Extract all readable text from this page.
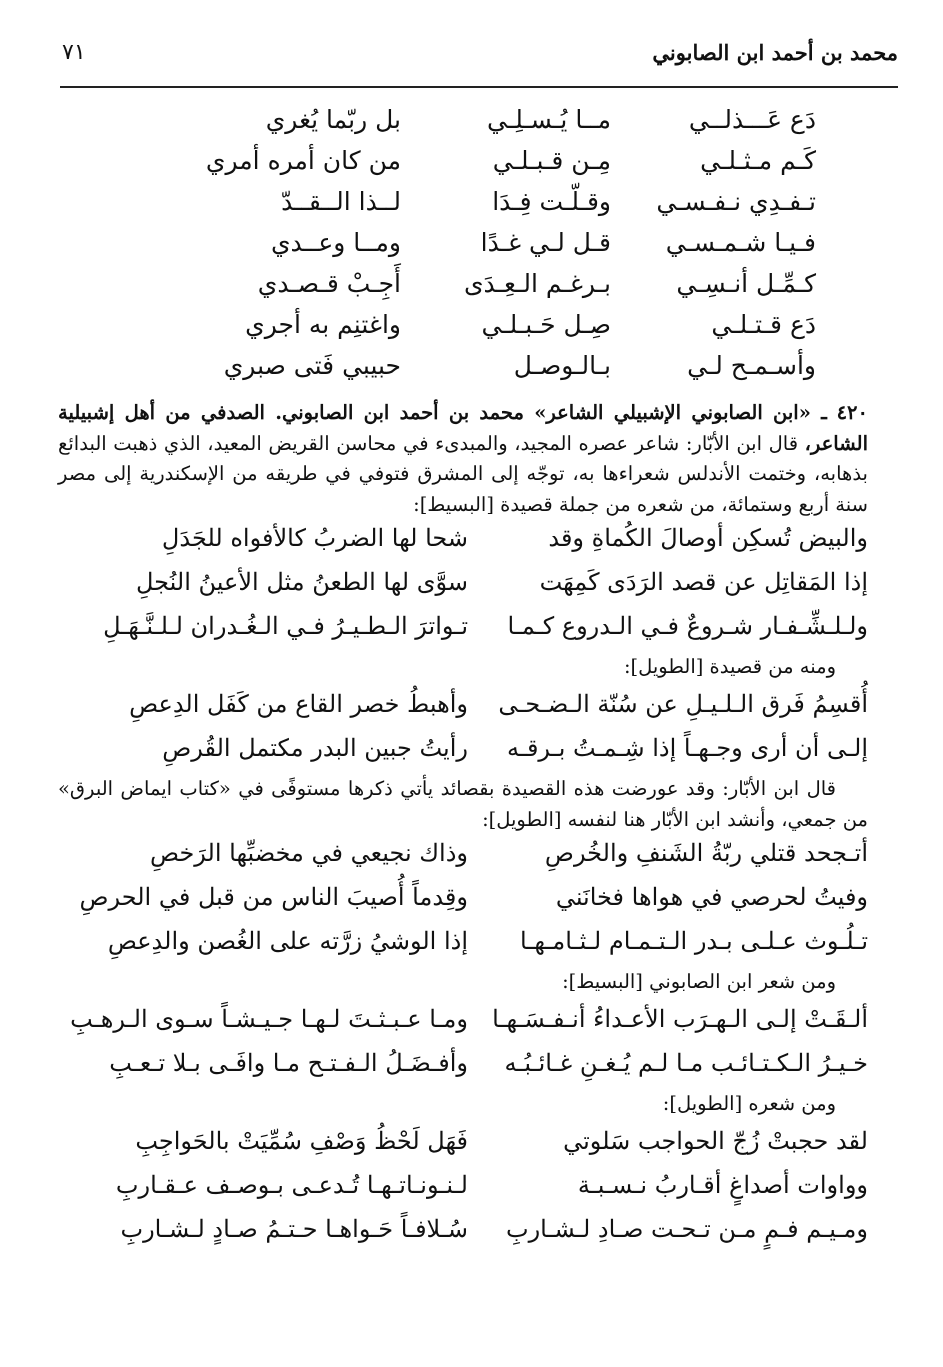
محمد بن أحمد ابن الصابوني
٧١
دَع عَـــذلــي
مــا يُـسـلِـي
بل ربّما يُغري
كَـم مـثـلـي
مِـن قـبـلـي
من كان أمره أمري
تـفـدِي نـفـسـي
وقـلّـت فِـدَا
لــذا الــقــدّ
فـيـا شـمـسـي
قـل لـي غـدًا
ومــا وعــدي
كـمِّـل أنـسِـي
بـرغـم الـعِـدَى
أَجِـبْ قـصـدي
دَع قـتـلـي
صِـل حَـبـلـي
واغتنِم به أجري
وأسـمـح لـي
بـالـوصـل
حبيبي فَتى صبري
٤٢٠ ـ «ابن الصابوني الإشبيلي الشاعر» محمد بن أحمد ابن الصابوني. الصدفي من أهل إشبيلية الشاعر، قال ابن الأبّار: شاعر عصره المجيد، والمبدىء في محاسن القريض المعيد، الذي ذهبت البدائع بذهابه، وختمت الأندلس شعراءها به، توجّه إلى المشرق فتوفي في طريقه من الإسكندرية إلى مصر سنة أربع وستمائة، من شعره من جملة قصيدة [البسيط]:
والبيض تُسكِن أوصالَ الكُماةِ وقد
شحا لها الضربُ كالأفواه للجَدَلِ
إذا المَقاتِل عن قصد الرَدَى كَمِهَت
سوَّى لها الطعنُ مثل الأعينُ النُجلِ
ولـلـشِّـفـار شـروعٌ فـي الـدروع كـمـا
تـواترَ الـطـيـرُ فـي الـغُـدران لـلـنَّـهَـلِ
ومنه من قصيدة [الطويل]:
أُقسِمُ فَرق الـلـيـلِ عن سُنّة الـضـحـى
وأهبطُ خصر القاع من كَفَل الدِعصِ
إلـى أن أرى وجـهـاً إذا شِـمـتُ بـرقـه
رأيتُ جبين البدر مكتمل القُرصِ
قال ابن الأبّار: وقد عورضت هذه القصيدة بقصائد يأتي ذكرها مستوفًى في «كتاب ايماض البرق» من جمعي، وأنشد ابن الأبّار هنا لنفسه [الطويل]:
أتـجحد قتلي ربّةُ الشَنفِ والخُرصِ
وذاك نجيعي في مخضبِّها الرَخصِ
وفيتُ لحرصي في هواها فخانَني
وقِدماً أُصيبَ الناس من قبل في الحرصِ
تـلُـوث عـلـى بـدر الـتـمـام لـثـامـهـا
إذا الوشيُ زرَّته على الغُصن والدِعصِ
ومن شعر ابن الصابوني [البسيط]:
ألـقَـتْ إلـى الـهـرَب الأعـداءُ أنـفـسَـهـا
ومـا عـبـثـتَ لـهـا جـيـشـاً سـوى الـرهـبِ
خـيـرُ الـكـتـائـب مـا لـم يُـغـنِ غـائـبُـه
وأفـضَـلُ الـفـتـح مـا وافَـى بـلا تـعـبِ
ومن شعره [الطويل]:
لقد حجبتْ زُجّ الحواجب سَلوتي
فَهَل لَحْظُ وَصْفِ سُمِّيَتْ بالحَواجِبِ
وواوات أصداغٍ أقـاربُ نـسـبـة
لـنـونـاتـهـا تُـدعـى بـوصـف عـقـاربِ
ومـيـم فـمٍ مـن تـحـت صـادِ لـشـاربِ
سُـلافـاً حَـواهـا حـتـمُ صـادٍ لـشـاربِ
